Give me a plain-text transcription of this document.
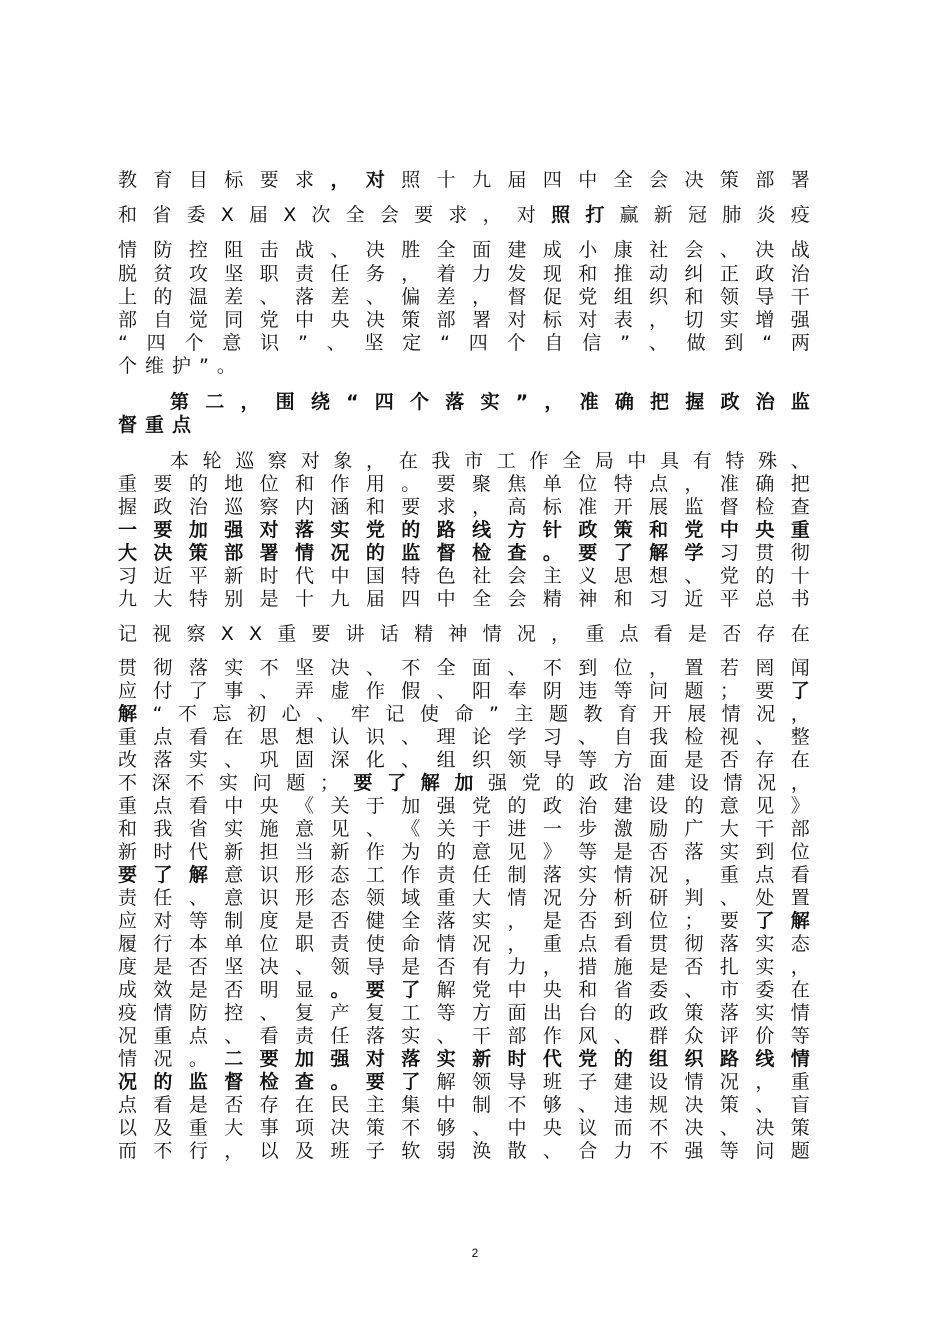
教 育 目 标 要 求 ， 对 照 十 九 届 四 中 全 会 决 策 部 署
和 省 委 X 届 X 次 全 会 要 求 ， 对 照 打 赢 新 冠 肺 炎 疫
情 防 控 阻 击 战 、 决 胜 全 面 建 成 小 康 社 会 、 决 战
脱 贫 攻 坚 职 责 任 务 ， 着 力 发 现 和 推 动 纠 正 政 治
上 的 温 差 、 落 差 、 偏 差 ， 督 促 党 组 织 和 领 导 干
部 自 觉 同 党 中 央 决 策 部 署 对 标 对 表 ， 切 实 增 强
“ 四 个 意 识 ” 、 坚 定 “ 四 个 自 信 ” 、 做 到 “ 两
个 维 护 ” 。
第 二 ， 围 绕 “ 四 个 落 实 ” ， 准 确 把 握 政 治 监
督 重 点
本 轮 巡 察 对 象 ， 在 我 市 工 作 全 局 中 具 有 特 殊 、
重 要 的 地 位 和 作 用 。 要 聚 焦 单 位 特 点 ， 准 确 把
握 政 治 巡 察 内 涵 和 要 求 ， 高 标 准 开 展 监 督 检 查
一 要 加 强 对 落 实 党 的 路 线 方 针 政 策 和 党 中 央 重
大 决 策 部 署 情 况 的 监 督 检 查 。 要 了 解 学 习 贯 彻
习 近 平 新 时 代 中 国 特 色 社 会 主 义 思 想 、 党 的 十
九 大 特 别 是 十 九 届 四 中 全 会 精 神 和 习 近 平 总 书
记 视 察 X X 重 要 讲 话 精 神 情 况 ， 重 点 看 是 否 存 在
贯 彻 落 实 不 坚 决 、 不 全 面 、 不 到 位 ， 置 若 罔 闻
应 付 了 事 、 弄 虚 作 假 、 阳 奉 阴 违 等 问 题 ； 要 了
解 “ 不 忘 初 心 、 牢 记 使 命 ” 主 题 教 育 开 展 情 况 ，
重 点 看 在 思 想 认 识 、 理 论 学 习 、 自 我 检 视 、 整
改 落 实 、 巩 固 深 化 、 组 织 领 导 等 方 面 是 否 存 在
不 深 不 实 问 题 ； 要 了 解 加 强 党 的 政 治 建 设 情 况 ，
重 点 看 中 央 《 关 于 加 强 党 的 政 治 建 设 的 意 见 》
和 我 省 实 施 意 见 、 《 关 于 进 一 步 激 励 广 大 干 部
新 时 代 新 担 当 新 作 为 的 意 见 》 等 是 否 落 实 到 位
要 了 解 意 识 形 态 工 作 责 任 制 落 实 情 况 ， 重 点 看
责 任 、 意 识 形 态 领 域 重 大 情 况 分 析 研 判 、 处 置
应 对 等 制 度 是 否 健 全 落 实 ， 是 否 到 位 ； 要 了 解
履 行 本 单 位 职 责 使 命 情 况 ， 重 点 看 贯 彻 落 实 态
度 是 否 坚 决 、 领 导 是 否 有 力 ， 措 施 是 否 扎 实 ，
成 效 是 否 明 显 。 要 了 解 党 中 央 和 省 委 、 市 委 在
疫 情 防 控 、 复 产 复 工 等 方 面 出 台 的 政 策 落 实 情
况 重 点 、 看 责 任 落 实 、 干 部 作 风 、 群 众 评 价 等
情 况 。 二 要 加 强 对 落 实 新 时 代 党 的 组 织 路 线 情
况 的 监 督 检 查 。 要 了 解 领 导 班 子 建 设 情 况 ， 重
点 看 是 否 存 在 民 主 集 中 制 不 够 、 违 规 决 策 、 盲
以 及 重 大 事 项 决 策 不 够 、 中 央 议 而 不 决 、 决 策
而 不 行 ， 以 及 班 子 软 弱 涣 散 、 合 力 不 强 等 问 题
2
